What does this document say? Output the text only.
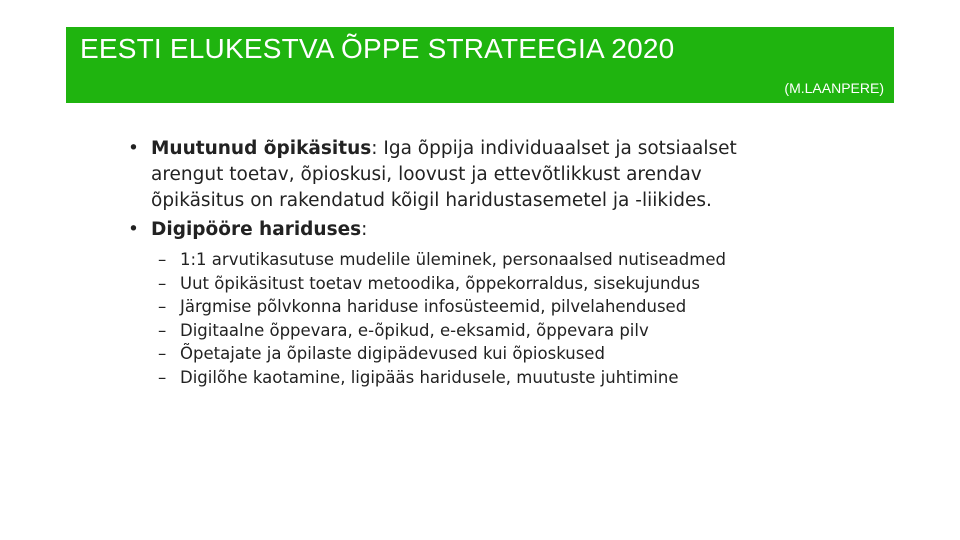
EESTI ELUKESTVA ÕPPE STRATEEGIA 2020
(M.LAANPERE)
• Muutunud õpikäsitus: Iga õppija individuaalset ja sotsiaalset arengut toetav, õpioskusi, loovust ja ettevõtlikkust arendav õpikäsitus on rakendatud kõigil haridustasemetel ja -liikides.
• Digipööre hariduses:
– 1:1 arvutikasutuse mudelile üleminek, personaalsed nutiseadmed
– Uut õpikäsitust toetav metoodika, õppekorraldus, sisekujundus
– Järgmise põlvkonna hariduse infosüsteemid, pilvelahendused
– Digitaalne õppevara, e-õpikud, e-eksamid, õppevara pilv
– Õpetajate ja õpilaste digipädevused kui õpioskused
– Digilõhe kaotamine, ligipääs haridusele, muutuste juhtimine
